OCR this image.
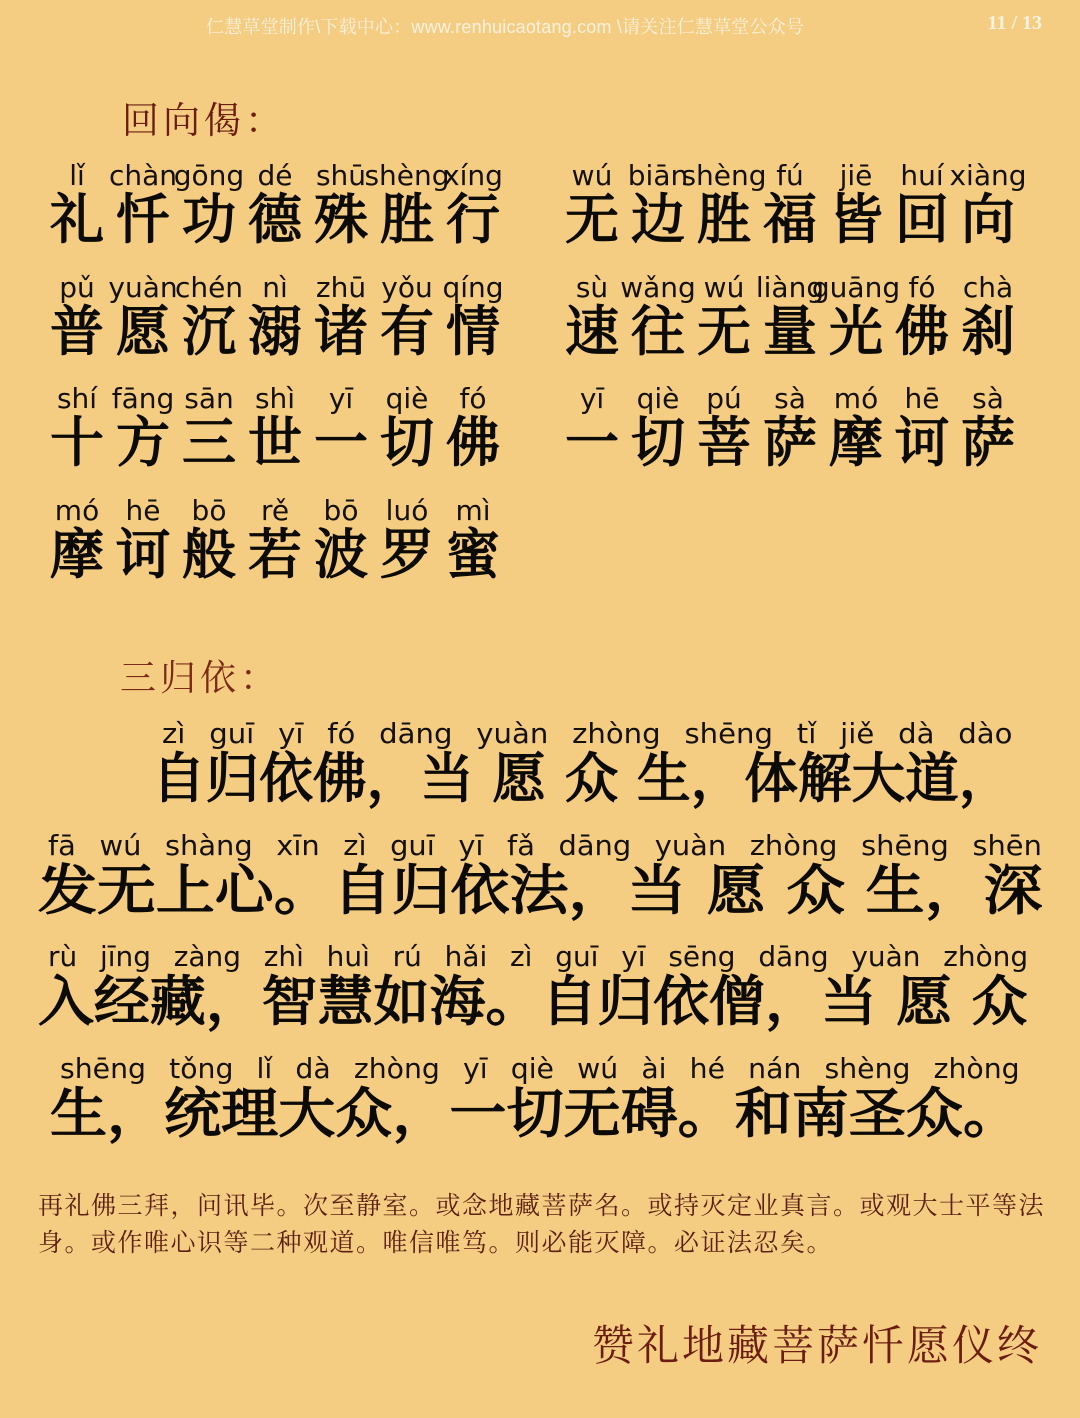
仁慧草堂制作\下载中心：www.renhuicaotang.com \请关注仁慧草堂公众号	11 / 13
回向偈：
礼
lǐ
忏
chàn
功
gōng
德
dé
殊
shū
胜
shèng
行
xíng
无
wú
边
biān
胜
shèng
福
fú
皆
jiē
回
huí
向
xiàng
普
pǔ
愿
yuàn
沉
chén
溺
nì
诸
zhū
有
yǒu
情
qíng
速
sù
往
wǎng
无
wú
量
liàng
光
guāng
佛
fó
刹
chà
十
shí
方
fāng
三
sān
世
shì
一
yī
切
qiè
佛
fó
一
yī
切
qiè
菩
pú
萨
sà
摩
mó
诃
hē
萨
sà
摩
mó
诃
hē
般
bō
若
rě
波
bō
罗
luó
蜜
mì
三归依：
自归依佛，当 愿 众 生，体解大道，
zì guī yī fó dāng yuàn zhòng shēng tǐ jiě dà dào
发无上心。自归依法，当 愿 众 生，深
fā wú shàng xīn zì guī yī fǎ dāng yuàn zhòng shēng shēn
入经藏，智慧如海。自归依僧，当 愿 众
rù jīng zàng zhì huì rú hǎi zì guī yī sēng dāng yuàn zhòng
生，统理大众，一切无碍。和南圣众。
shēng tǒng lǐ dà zhòng yī qiè wú ài hé nán shèng zhòng
再礼佛三拜，问讯毕。次至静室。或念地藏菩萨名。或持灭定业真言。或观大士平等法身。或作唯心识等二种观道。唯信唯笃。则必能灭障。必证法忍矣。
赞礼地藏菩萨忏愿仪终
